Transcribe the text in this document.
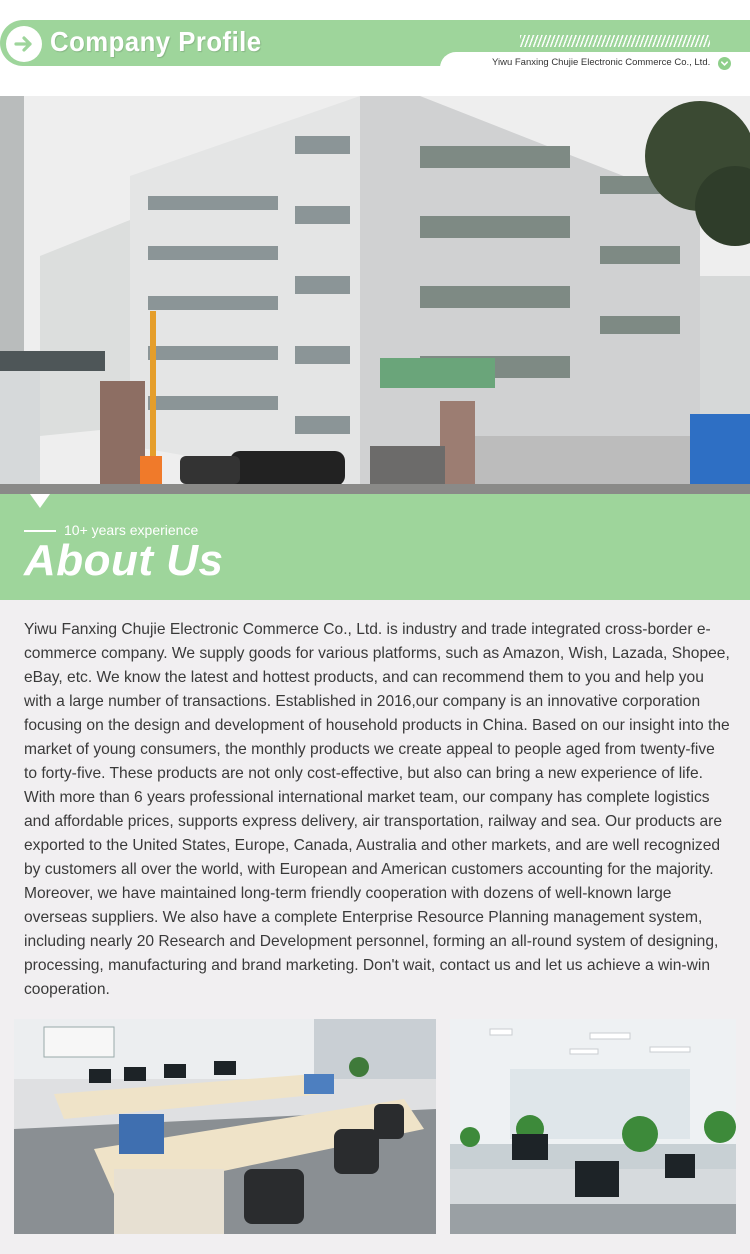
Company Profile
Yiwu Fanxing Chujie Electronic Commerce Co., Ltd.
10+ years experience
About Us

Yiwu Fanxing Chujie Electronic Commerce Co., Ltd. is industry and trade integrated cross-border e-commerce company. We supply goods for various platforms, such as Amazon, Wish, Lazada, Shopee, eBay, etc. We know the latest and hottest products, and can recommend them to you and help you with a large number of transactions. Established in 2016,our company is an innovative corporation focusing on the design and development of household products in China. Based on our insight into the market of young consumers, the monthly products we create appeal to people aged from twenty-five to forty-five. These products are not only cost-effective, but also can bring a new experience of life. With more than 6 years professional international market team, our company has complete logistics and affordable prices, supports express delivery, air transportation, railway and sea. Our products are exported to the United States, Europe, Canada, Australia and other markets, and are well recognized by customers all over the world, with European and American customers accounting for the majority. Moreover, we have maintained long-term friendly cooperation with dozens of well-known large overseas suppliers. We also have a complete Enterprise Resource Planning management system, including nearly 20 Research and Development personnel, forming an all-round system of designing, processing, manufacturing and brand marketing. Don't wait, contact us and let us achieve a win-win cooperation.
